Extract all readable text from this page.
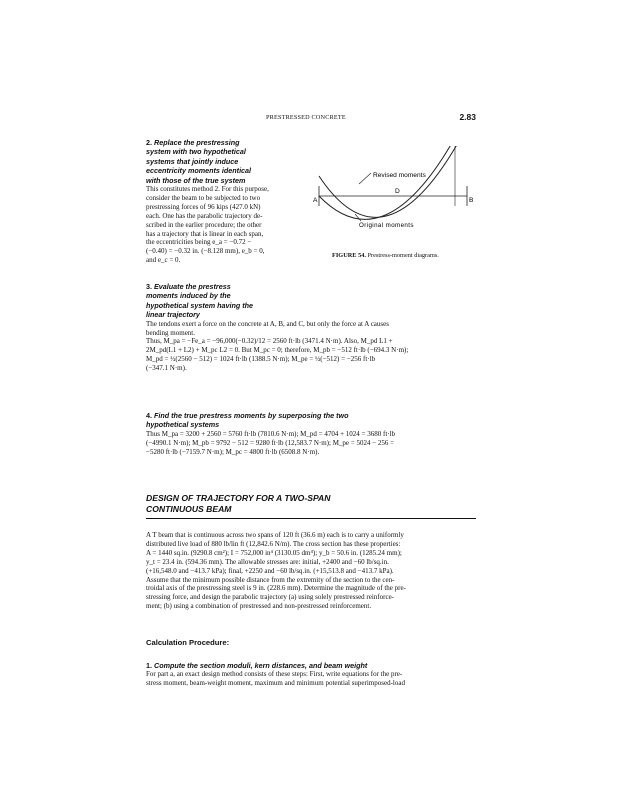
PRESTRESSED CONCRETE	2.83
2. Replace the prestressing
system with two hypothetical
systems that jointly induce
eccentricity moments identical
with those of the true system
This constitutes method 2. For this purpose,
consider the beam to be subjected to two
prestressing forces of 96 kips (427.0 kN)
each. One has the parabolic trajectory de-
scribed in the earlier procedure; the other
has a trajectory that is linear in each span,
the eccentricities being e_a = −0.72 −
(−0.40) = −0.32 in. (−8.128 mm), e_b = 0,
and e_c = 0.
Revised moments
A	B
D
Original moments
FIGURE 54. Prestress-moment diagrams.
3. Evaluate the prestress
moments induced by the
hypothetical system having the
linear trajectory
The tendons exert a force on the concrete at A, B, and C, but only the force at A causes
bending moment.
Thus, M_pa = −Fe_a = −96,000(−0.32)/12 = 2560 ft·lb (3471.4 N·m). Also, M_pd L1 +
2M_pd(L1 + L2) + M_pc L2 = 0. But M_pc = 0; therefore, M_pb = −512 ft·lb (−694.3 N·m);
M_pd = ½(2560 − 512) = 1024 ft·lb (1388.5 N·m); M_pe = ½(−512) = −256 ft·lb
(−347.1 N·m).
4. Find the true prestress moments by superposing the two
hypothetical systems
Thus M_pa = 3200 + 2560 = 5760 ft·lb (7810.6 N·m); M_pd = 4704 + 1024 = 3680 ft·lb
(−4990.1 N·m); M_pb = 9792 − 512 = 9280 ft·lb (12,583.7 N·m); M_pe = 5024 − 256 =
−5280 ft·lb (−7159.7 N·m); M_pc = 4800 ft·lb (6508.8 N·m).
DESIGN OF TRAJECTORY FOR A TWO-SPAN
CONTINUOUS BEAM
A T beam that is continuous across two spans of 120 ft (36.6 m) each is to carry a uniformly
distributed live load of 880 lb/lin ft (12,842.6 N/m). The cross section has these properties:
A = 1440 sq.in. (9290.8 cm²); I = 752,000 in⁴ (3130.05 dm⁴); y_b = 50.6 in. (1285.24 mm);
y_t = 23.4 in. (594.36 mm). The allowable stresses are: initial, +2400 and −60 lb/sq.in.
(+16,548.0 and −413.7 kPa); final, +2250 and −60 lb/sq.in. (+15,513.8 and −413.7 kPa).
Assume that the minimum possible distance from the extremity of the section to the cen-
troidal axis of the prestressing steel is 9 in. (228.6 mm). Determine the magnitude of the pre-
stressing force, and design the parabolic trajectory (a) using solely prestressed reinforce-
ment; (b) using a combination of prestressed and non-prestressed reinforcement.
Calculation Procedure:
1. Compute the section moduli, kern distances, and beam weight
For part a, an exact design method consists of these steps: First, write equations for the pre-
stress moment, beam-weight moment, maximum and minimum potential superimposed-load
